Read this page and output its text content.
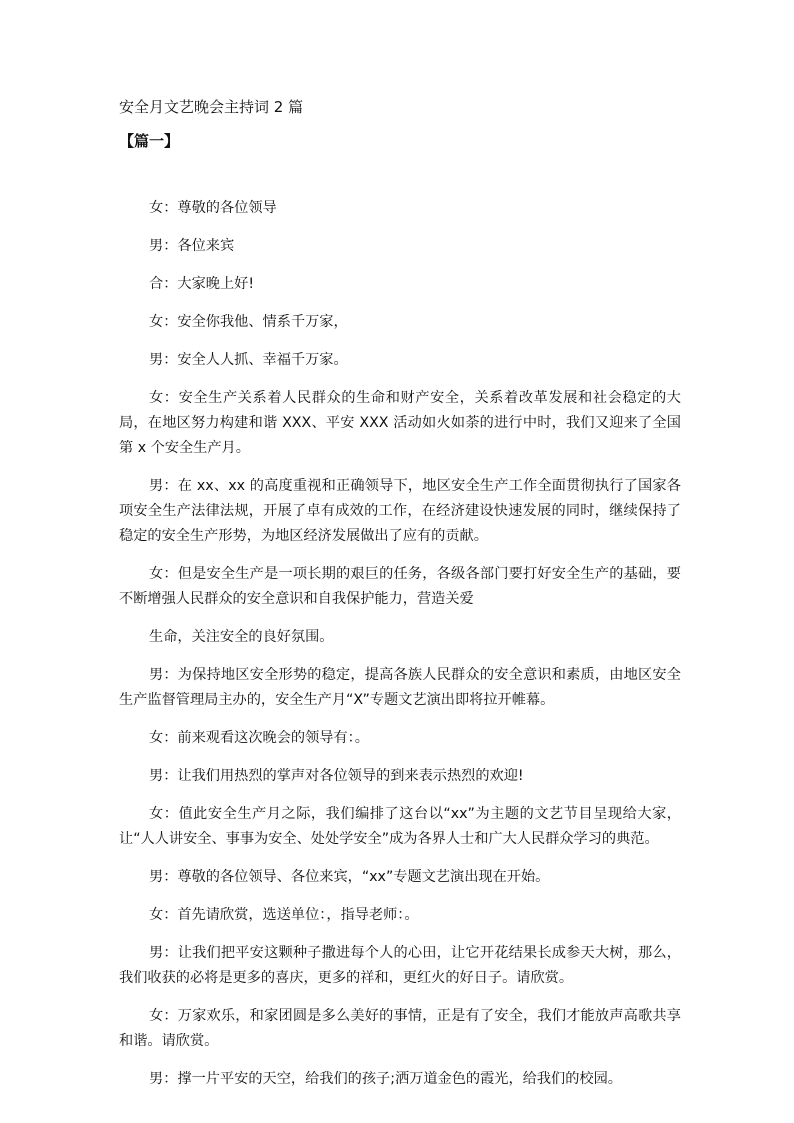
安全月文艺晚会主持词 2 篇
【篇一】

女：尊敬的各位领导

男：各位来宾

合：大家晚上好!

女：安全你我他、情系千万家，

男：安全人人抓、幸福千万家。

女：安全生产关系着人民群众的生命和财产安全，关系着改革发展和社会稳定的大局，在地区努力构建和谐 XXX、平安 XXX 活动如火如荼的进行中时，我们又迎来了全国第 x 个安全生产月。

男：在 xx、xx 的高度重视和正确领导下，地区安全生产工作全面贯彻执行了国家各项安全生产法律法规，开展了卓有成效的工作，在经济建设快速发展的同时，继续保持了稳定的安全生产形势，为地区经济发展做出了应有的贡献。

女：但是安全生产是一项长期的艰巨的任务，各级各部门要打好安全生产的基础，要不断增强人民群众的安全意识和自我保护能力，营造关爱

生命，关注安全的良好氛围。

男：为保持地区安全形势的稳定，提高各族人民群众的安全意识和素质，由地区安全生产监督管理局主办的，安全生产月“X”专题文艺演出即将拉开帷幕。

女：前来观看这次晚会的领导有：。

男：让我们用热烈的掌声对各位领导的到来表示热烈的欢迎!

女：值此安全生产月之际，我们编排了这台以“xx”为主题的文艺节目呈现给大家，让“人人讲安全、事事为安全、处处学安全”成为各界人士和广大人民群众学习的典范。

男：尊敬的各位领导、各位来宾，“xx”专题文艺演出现在开始。

女：首先请欣赏，选送单位：，指导老师：。

男：让我们把平安这颗种子撒进每个人的心田，让它开花结果长成参天大树，那么，我们收获的必将是更多的喜庆，更多的祥和，更红火的好日子。请欣赏。

女：万家欢乐，和家团圆是多么美好的事情，正是有了安全，我们才能放声高歌共享和谐。请欣赏。

男：撑一片平安的天空，给我们的孩子;洒万道金色的霞光，给我们的校园。
